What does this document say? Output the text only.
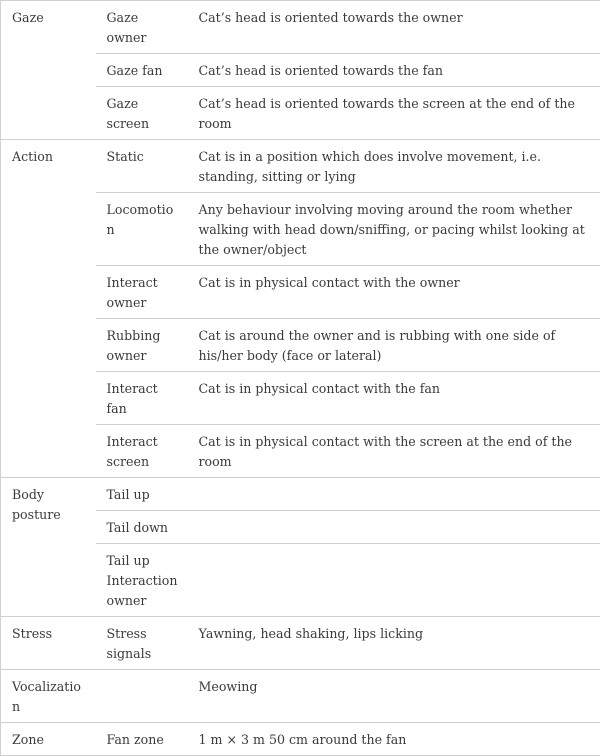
Gaze	Gaze owner	Cat’s head is oriented towards the owner
	Gaze fan	Cat’s head is oriented towards the fan
	Gaze screen	Cat’s head is oriented towards the screen at the end of the room
Action	Static	Cat is in a position which does involve movement, i.e. standing, sitting or lying
	Locomotion	Any behaviour involving moving around the room whether walking with head down/sniffing, or pacing whilst looking at the owner/object
	Interact owner	Cat is in physical contact with the owner
	Rubbing owner	Cat is around the owner and is rubbing with one side of his/her body (face or lateral)
	Interact fan	Cat is in physical contact with the fan
	Interact screen	Cat is in physical contact with the screen at the end of the room
Body posture	Tail up	
	Tail down	
	Tail up Interaction owner	
Stress	Stress signals	Yawning, head shaking, lips licking
Vocalization		Meowing
Zone	Fan zone	1 m × 3 m 50 cm around the fan
